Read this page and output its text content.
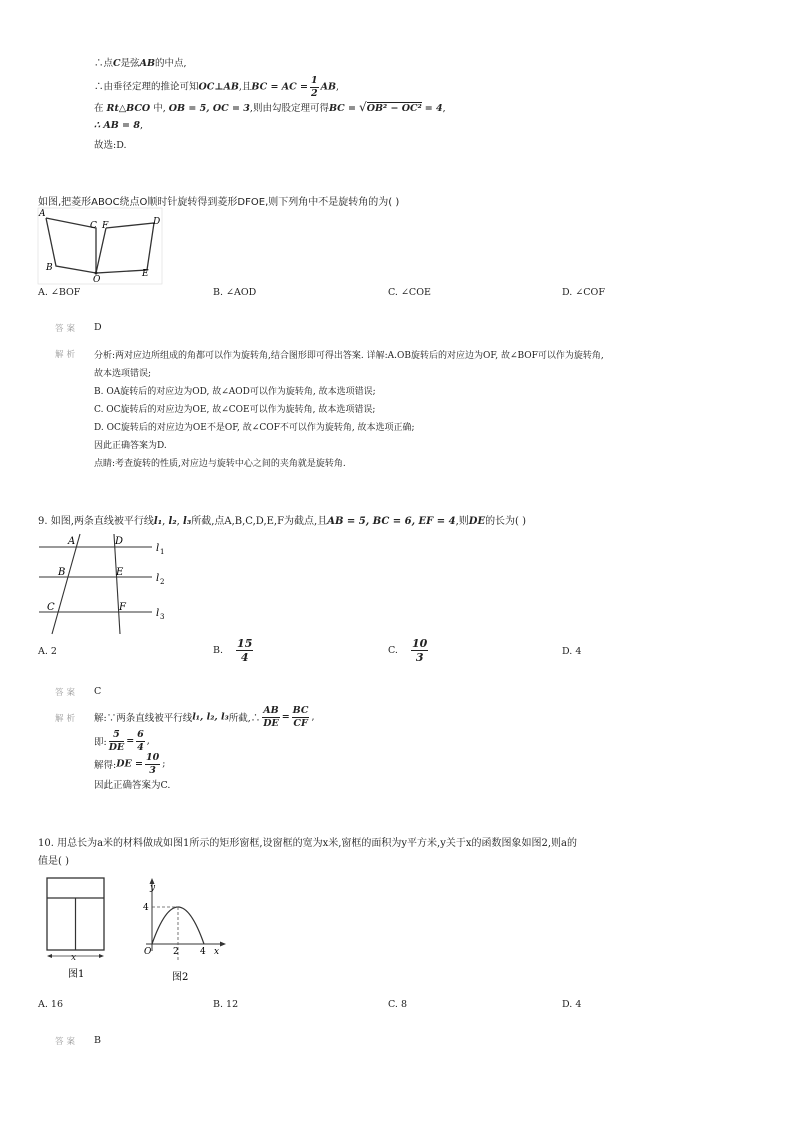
∴点C是弦AB的中点,
∴由垂径定理的推论可知OC⊥AB,且BC = AC = $\frac{1}{2}$ AB,
在 Rt△BCO 中, OB = 5, OC = 3,则由勾股定理可得BC = √OB² − OC² = 4,
∴ AB = 8,
故选:D.
如图,把菱形ABOC绕点O顺时针旋转得到菱形DFOE,则下列角中不是旋转角的为( )
A
B
C F	D
O
E
A. ∠BOF	B. ∠AOD	C. ∠COE	D. ∠COF
答案 D
解析 分析:两对应边所组成的角都可以作为旋转角,结合图形即可得出答案. 详解:A.OB旋转后的对应边为OF, 故∠BOF可以作为旋转角,
故本选项错误;
B. OA旋转后的对应边为OD, 故∠AOD可以作为旋转角, 故本选项错误;
C. OC旋转后的对应边为OE, 故∠COE可以作为旋转角, 故本选项错误;
D. OC旋转后的对应边为OE不是OF, 故∠COF不可以作为旋转角, 故本选项正确;
因此正确答案为D.
点睛:考查旋转的性质,对应边与旋转中心之间的夹角就是旋转角.
9. 如图,两条直线被平行线l₁, l₂, l₃所截,点A,B,C,D,E,F为截点,且AB = 5, BC = 6, EF = 4,则DE的长为( )
A
B
C
D
E
F
l 1
l 2
l 3
A. 2	B. $\frac{15}{4}$	C. $\frac{10}{3}$	D. 4
答案 C
解析 解:∵两条直线被平行线l₁, l₂, l₃所截,∴ $\frac{AB}{DE} = \frac{BC}{CF}$ ,
即: $\frac{5}{DE} = \frac{6}{4}$ ,
解得:DE = $\frac{10}{3}$ ;
因此正确答案为C.
10. 用总长为a米的材料做成如图1所示的矩形窗框,设窗框的宽为x米,窗框的面积为y平方米,y关于x的函数图象如图2,则a的
值是( )
x
图1
y
4
O 2 4 x
图2
A. 16	B. 12	C. 8	D. 4
答案 B
